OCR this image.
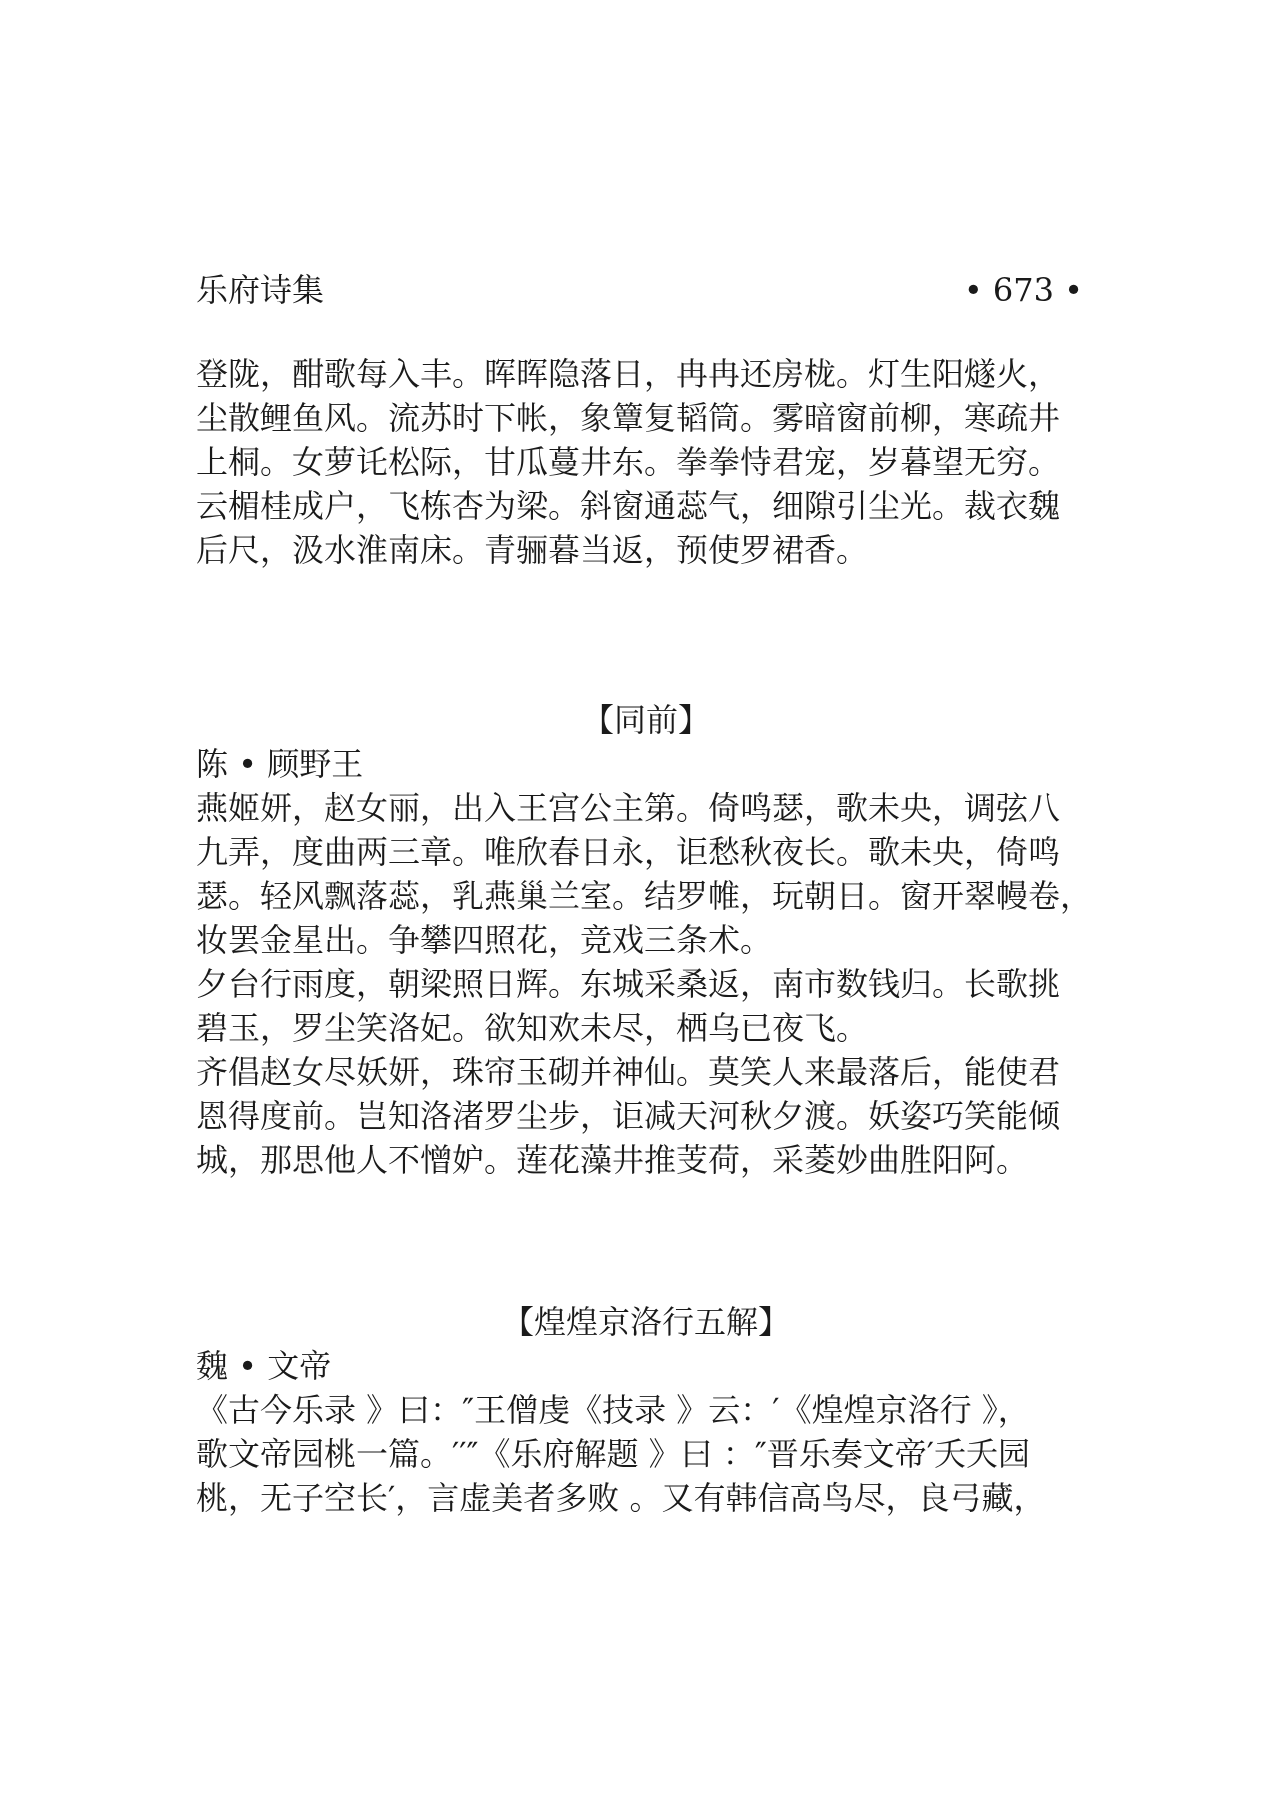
乐府诗集	• 673 •
登陇，酣歌每入丰。晖晖隐落日，冉冉还房栊。灯生阳燧火，
尘散鲤鱼风。流苏时下帐，象簟复韬筒。雾暗窗前柳，寒疏井
上桐。女萝讬松际，甘瓜蔓井东。拳拳恃君宠，岁暮望无穷。
云楣桂成户，飞栋杏为梁。斜窗通蕊气，细隙引尘光。裁衣魏
后尺，汲水淮南床。青骊暮当返，预使罗裙香。
【同前】
陈 • 顾野王
燕姬妍，赵女丽，出入王宫公主第。倚鸣瑟，歌未央，调弦八
九弄，度曲两三章。唯欣春日永，讵愁秋夜长。歌未央，倚鸣
瑟。轻风飘落蕊，乳燕巢兰室。结罗帷，玩朝日。窗开翠幔卷，
妆罢金星出。争攀四照花，竞戏三条术。
夕台行雨度，朝梁照日辉。东城采桑返，南市数钱归。长歌挑
碧玉，罗尘笑洛妃。欲知欢未尽，栖乌已夜飞。
齐倡赵女尽妖妍，珠帘玉砌并神仙。莫笑人来最落后，能使君
恩得度前。岂知洛渚罗尘步，讵减天河秋夕渡。妖姿巧笑能倾
城，那思他人不憎妒。莲花藻井推芰荷，采菱妙曲胜阳阿。
【煌煌京洛行五解】
魏 • 文帝
《古今乐录 》曰：″王僧虔《技录 》云：′《煌煌京洛行 》，
歌文帝园桃一篇。′′″《乐府解题 》曰 ：″晋乐奏文帝′夭夭园
桃，无子空长′，言虚美者多败 。又有韩信高鸟尽，良弓藏，
